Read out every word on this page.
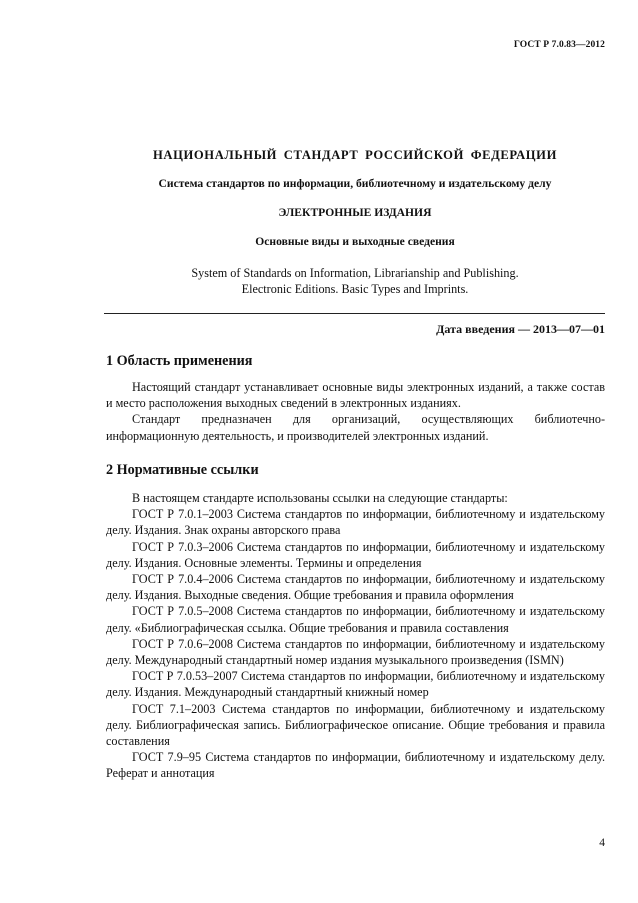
ГОСТ Р 7.0.83—2012
НАЦИОНАЛЬНЫЙ СТАНДАРТ РОССИЙСКОЙ ФЕДЕРАЦИИ
Система стандартов по информации, библиотечному и издательскому делу
ЭЛЕКТРОННЫЕ ИЗДАНИЯ
Основные виды и выходные сведения
System of Standards on Information, Librarianship and Publishing.
Electronic Editions. Basic Types and Imprints.
Дата введения — 2013—07—01
1 Область применения

Настоящий стандарт устанавливает основные виды электронных изданий, а также состав и место расположения выходных сведений в электронных изданиях.

Стандарт предназначен для организаций, осуществляющих библиотечно-информационную деятельность, и производителей электронных изданий.

2 Нормативные ссылки

В настоящем стандарте использованы ссылки на следующие стандарты:

ГОСТ Р 7.0.1–2003 Система стандартов по информации, библиотечному и издательскому делу. Издания. Знак охраны авторского права

ГОСТ Р 7.0.3–2006 Система стандартов по информации, библиотечному и издательскому делу. Издания. Основные элементы. Термины и определения

ГОСТ Р 7.0.4–2006 Система стандартов по информации, библиотечному и издательскому делу. Издания. Выходные сведения. Общие требования и правила оформления

ГОСТ Р 7.0.5–2008 Система стандартов по информации, библиотечному и издательскому делу. «Библиографическая ссылка. Общие требования и правила составления

ГОСТ Р 7.0.6–2008 Система стандартов по информации, библиотечному и издательскому делу. Международный стандартный номер издания музыкального произведения (ISMN)

ГОСТ Р 7.0.53–2007 Система стандартов по информации, библиотечному и издательскому делу. Издания. Международный стандартный книжный номер

ГОСТ 7.1–2003 Система стандартов по информации, библиотечному и издательскому делу. Библиографическая запись. Библиографическое описание. Общие требования и правила составления

ГОСТ 7.9–95 Система стандартов по информации, библиотечному и издательскому делу. Реферат и аннотация

4
